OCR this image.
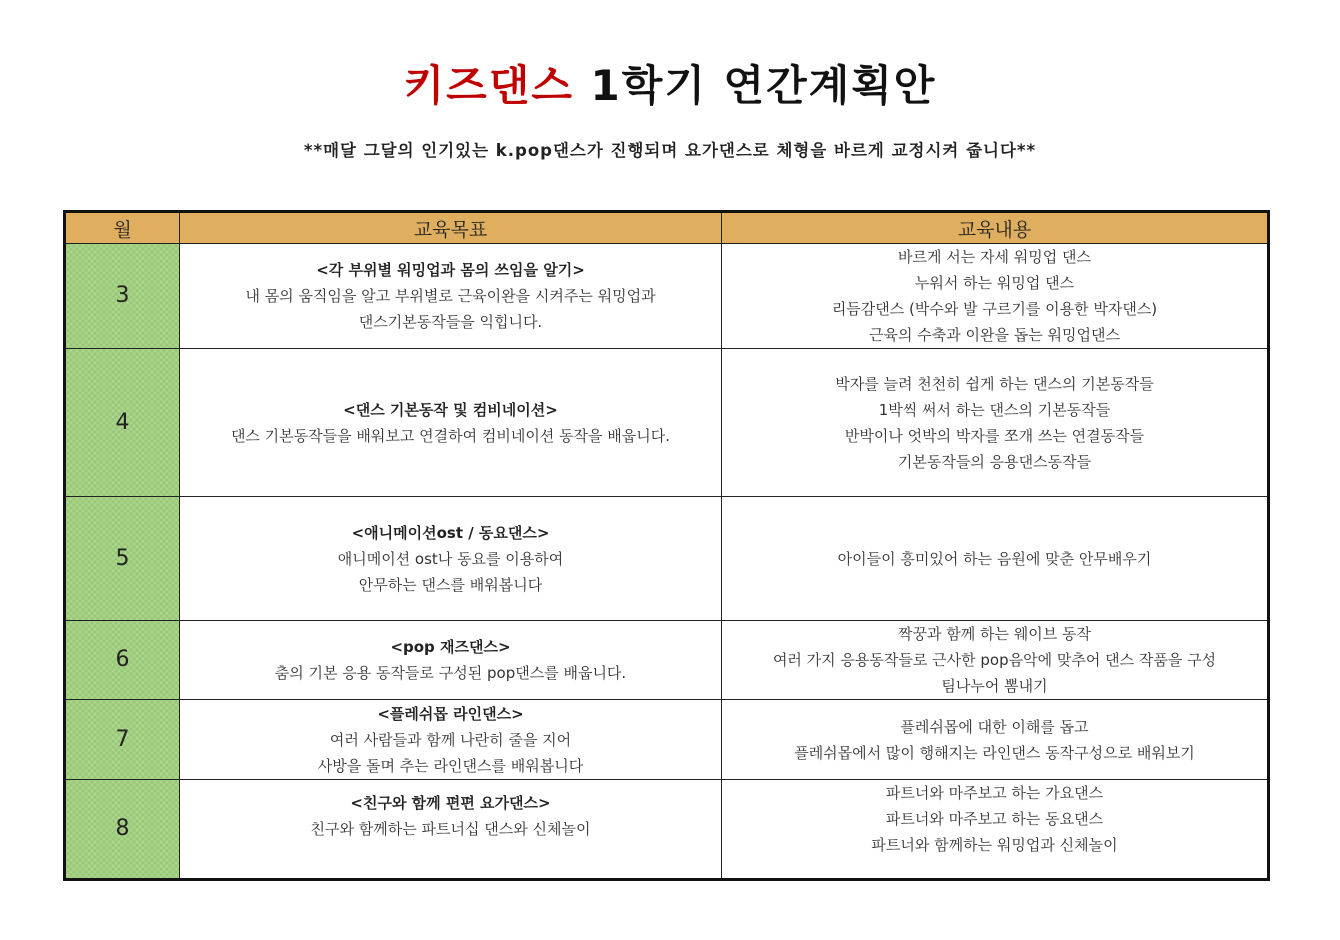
키즈댄스 1학기 연간계획안
**매달 그달의 인기있는 k.pop댄스가 진행되며 요가댄스로 체형을 바르게 교정시켜 줍니다**
월	교육목표	교육내용
3	<각 부위별 워밍업과 몸의 쓰임을 알기>
내 몸의 움직임을 알고 부위별로 근육이완을 시켜주는 워밍업과
댄스기본동작들을 익힙니다.	바르게 서는 자세 워밍업 댄스
누워서 하는 워밍업 댄스
리듬감댄스 (박수와 발 구르기를 이용한 박자댄스)
근육의 수축과 이완을 돕는 워밍업댄스

4	<댄스 기본동작 및 컴비네이션>
댄스 기본동작들을 배워보고 연결하여 컴비네이션 동작을 배웁니다.	박자를 늘려 천천히 쉽게 하는 댄스의 기본동작들
1박씩 써서 하는 댄스의 기본동작들
반박이나 엇박의 박자를 쪼개 쓰는 연결동작들
기본동작들의 응용댄스동작들

5	<애니메이션ost / 동요댄스>
애니메이션 ost나 동요를 이용하여
안무하는 댄스를 배워봅니다	아이들이 흥미있어 하는 음원에 맞춘 안무배우기

6	<pop 재즈댄스>
춤의 기본 응용 동작들로 구성된 pop댄스를 배웁니다.	짝꿍과 함께 하는 웨이브 동작
여러 가지 응용동작들로 근사한 pop음악에 맞추어 댄스 작품을 구성
팀나누어 뽐내기

7	<플레쉬몹 라인댄스>
여러 사람들과 함께 나란히 줄을 지어
사방을 돌며 추는 라인댄스를 배워봅니다	플레쉬몹에 대한 이해를 돕고
플레쉬몹에서 많이 행해지는 라인댄스 동작구성으로 배워보기

8	<친구와 함께 편편 요가댄스>
친구와 함께하는 파트너십 댄스와 신체놀이	파트너와 마주보고 하는 가요댄스
파트너와 마주보고 하는 동요댄스
파트너와 함께하는 워밍업과 신체놀이
